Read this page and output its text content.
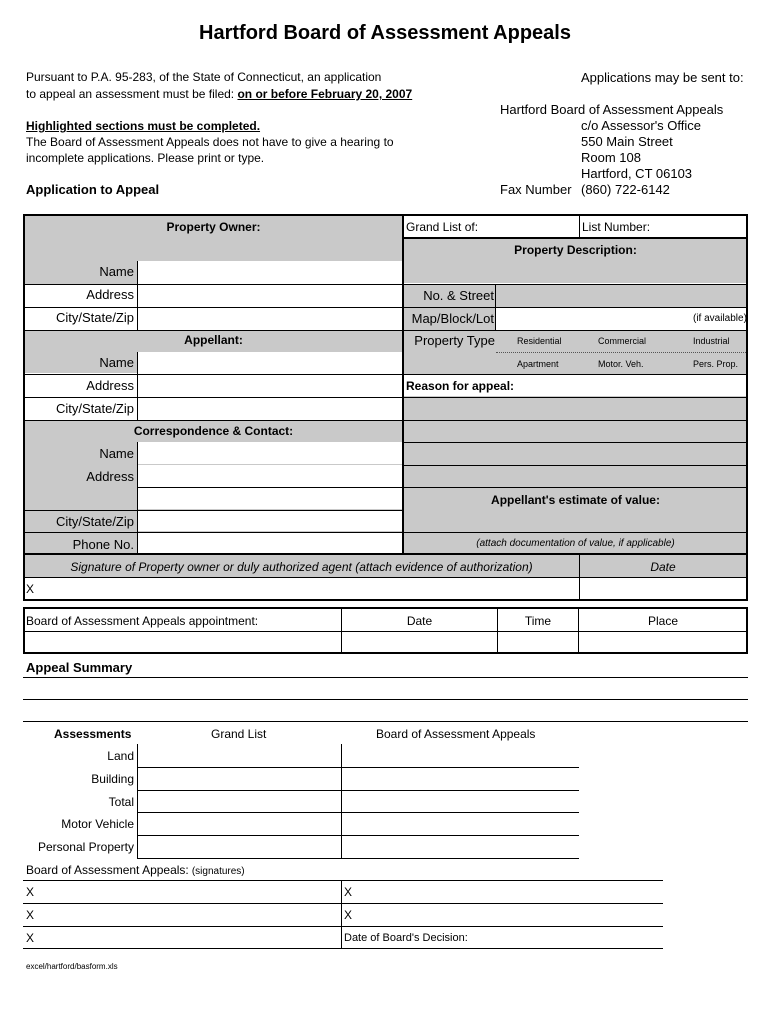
Hartford Board of Assessment Appeals
Pursuant to P.A. 95-283, of the State of Connecticut, an application
to appeal an assessment must be filed: on or before February 20, 2007
Highlighted sections must be completed.
The Board of Assessment Appeals does not have to give a hearing to
incomplete applications. Please print or type.
Application to Appeal
Applications may be sent to:
Hartford Board of Assessment Appeals
c/o Assessor's Office
550 Main Street
Room 108
Hartford, CT 06103
Fax Number (860) 722-6142
Property Owner:
Name
Address
City/State/Zip
Appellant:
Name
Address
City/State/Zip
Correspondence & Contact:
Name
Address
City/State/Zip
Phone No.
Grand List of:	List Number:
Property Description:
No. & Street
Map/Block/Lot	(if available)
Property Type Residential	Commercial	Industrial
Apartment	Motor. Veh.	Pers. Prop.
Reason for appeal:
Appellant's estimate of value:
(attach documentation of value, if applicable)
Signature of Property owner or duly authorized agent (attach evidence of authorization)	Date
X
Board of Assessment Appeals appointment:	Date	Time	Place
Appeal Summary
Assessments	Grand List	Board of Assessment Appeals
Land
Building
Total
Motor Vehicle
Personal Property
Board of Assessment Appeals: (signatures)
X	X
X	X
X	Date of Board's Decision:
excel/hartford/basform.xls
